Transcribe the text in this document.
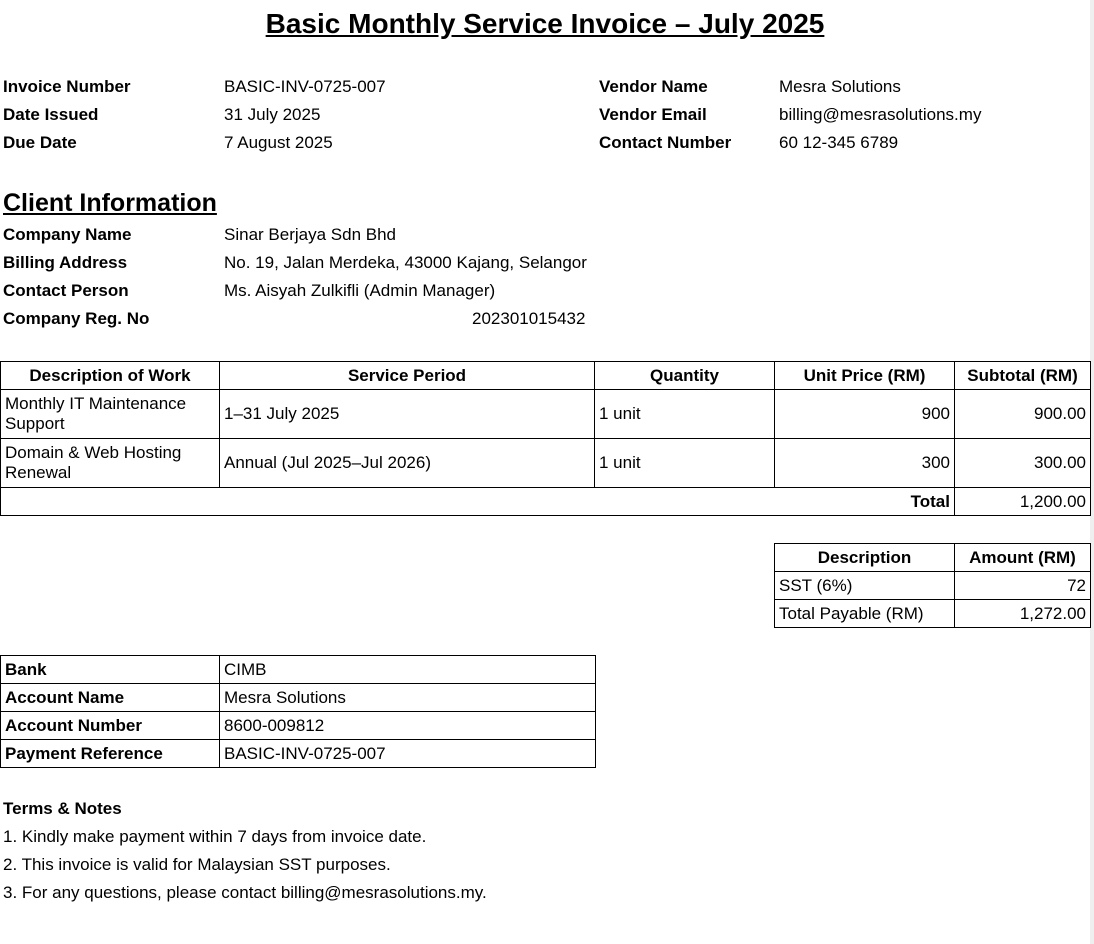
Basic Monthly Service Invoice – July 2025
Invoice Number	BASIC-INV-0725-007
Date Issued	31 July 2025
Due Date	7 August 2025
Vendor Name	Mesra Solutions
Vendor Email	billing@mesrasolutions.my
Contact Number	60 12-345 6789
Client Information
Company Name	Sinar Berjaya Sdn Bhd
Billing Address	No. 19, Jalan Merdeka, 43000 Kajang, Selangor
Contact Person	Ms. Aisyah Zulkifli (Admin Manager)
Company Reg. No	202301015432
Description of Work	Service Period	Quantity	Unit Price (RM)	Subtotal (RM)
Monthly IT Maintenance Support	1–31 July 2025	1 unit	900	900.00
Domain & Web Hosting Renewal	Annual (Jul 2025–Jul 2026)	1 unit	300	300.00
Total				1,200.00
Description	Amount (RM)
SST (6%)	72
Total Payable (RM)	1,272.00
Bank	CIMB
Account Name	Mesra Solutions
Account Number	8600-009812
Payment Reference	BASIC-INV-0725-007
Terms & Notes
1. Kindly make payment within 7 days from invoice date.
2. This invoice is valid for Malaysian SST purposes.
3. For any questions, please contact billing@mesrasolutions.my.
